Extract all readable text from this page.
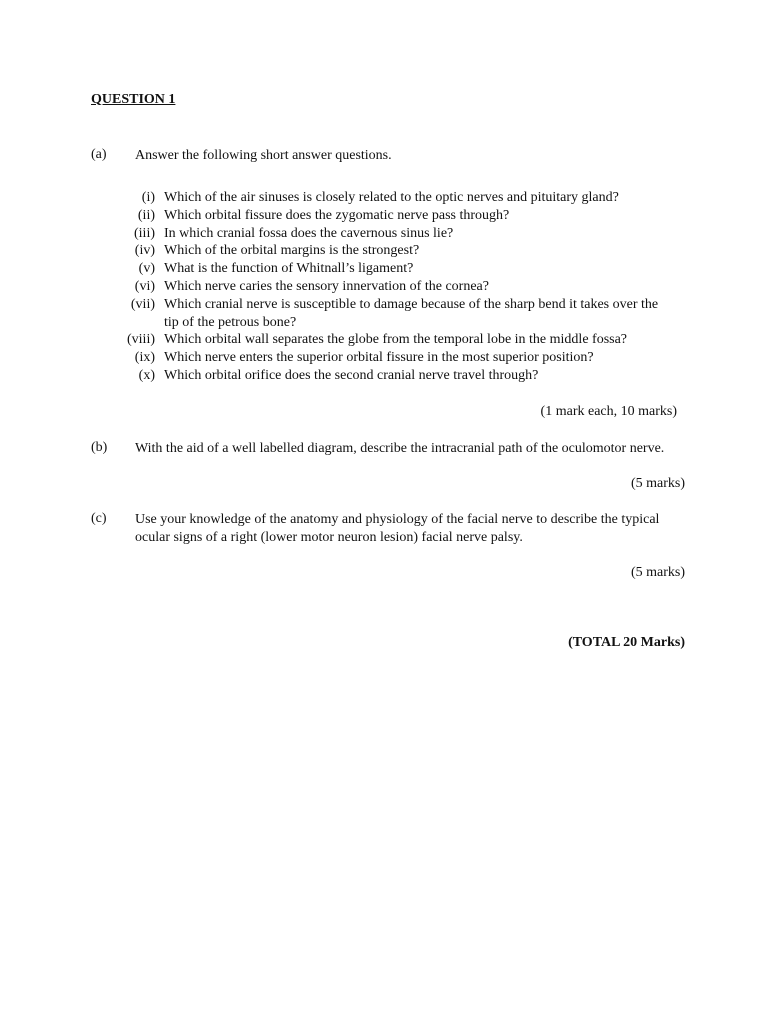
QUESTION 1
(a) Answer the following short answer questions.
(i) Which of the air sinuses is closely related to the optic nerves and pituitary gland?
(ii) Which orbital fissure does the zygomatic nerve pass through?
(iii) In which cranial fossa does the cavernous sinus lie?
(iv) Which of the orbital margins is the strongest?
(v) What is the function of Whitnall’s ligament?
(vi) Which nerve caries the sensory innervation of the cornea?
(vii) Which cranial nerve is susceptible to damage because of the sharp bend it takes over the tip of the petrous bone?
(viii) Which orbital wall separates the globe from the temporal lobe in the middle fossa?
(ix) Which nerve enters the superior orbital fissure in the most superior position?
(x) Which orbital orifice does the second cranial nerve travel through?
(1 mark each, 10 marks)
(b) With the aid of a well labelled diagram, describe the intracranial path of the oculomotor nerve.
(5 marks)
(c) Use your knowledge of the anatomy and physiology of the facial nerve to describe the typical ocular signs of a right (lower motor neuron lesion) facial nerve palsy.
(5 marks)
(TOTAL 20 Marks)
